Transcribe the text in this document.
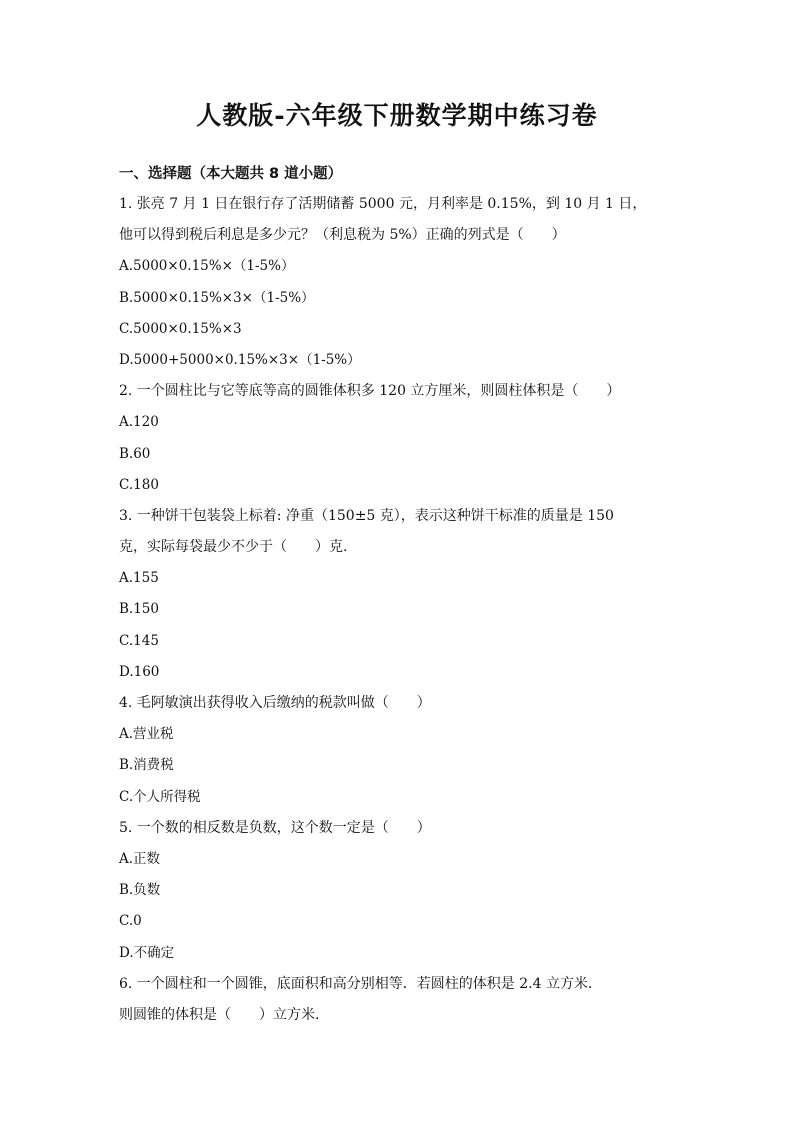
人教版-六年级下册数学期中练习卷
一、选择题（本大题共 8 道小题）
1. 张亮 7 月 1 日在银行存了活期储蓄 5000 元，月利率是 0.15%，到 10 月 1 日，
他可以得到税后利息是多少元？（利息税为 5%）正确的列式是（　　）
A.5000×0.15%×（1-5%）
B.5000×0.15%×3×（1-5%）
C.5000×0.15%×3
D.5000+5000×0.15%×3×（1-5%）
2. 一个圆柱比与它等底等高的圆锥体积多 120 立方厘米，则圆柱体积是（　　）
A.120
B.60
C.180
3. 一种饼干包装袋上标着: 净重（150±5 克），表示这种饼干标准的质量是 150
克，实际每袋最少不少于（　　）克.
A.155
B.150
C.145
D.160
4. 毛阿敏演出获得收入后缴纳的税款叫做（　　）
A.营业税
B.消费税
C.个人所得税
5. 一个数的相反数是负数，这个数一定是（　　）
A.正数
B.负数
C.0
D.不确定
6. 一个圆柱和一个圆锥，底面积和高分别相等．若圆柱的体积是 2.4 立方米．
则圆锥的体积是（　　）立方米.
